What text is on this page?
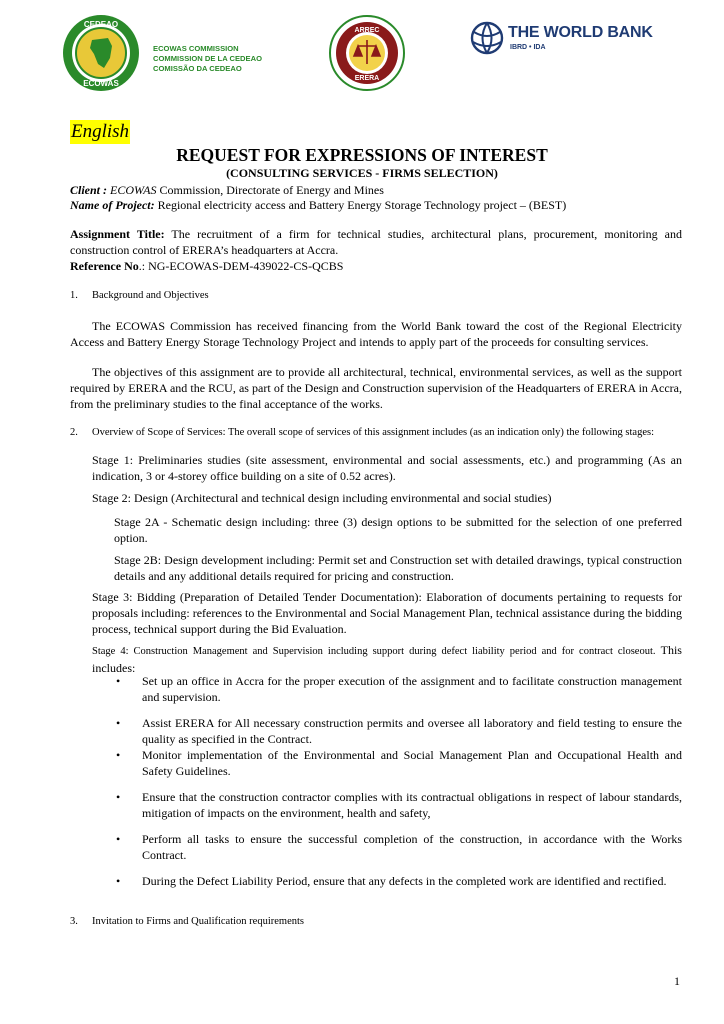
CEDEAO
ECOWAS
ECOWAS COMMISSION
COMMISSION DE LA CEDEAO
COMISSÃO DA CEDEAO
ARREC
ERERA
THE WORLD BANK
IBRD • IDA
English
REQUEST FOR EXPRESSIONS OF INTEREST
(CONSULTING SERVICES - FIRMS SELECTION)
Client : ECOWAS Commission, Directorate of Energy and Mines
Name of Project: Regional electricity access and Battery Energy Storage Technology project – (BEST)
Assignment Title: The recruitment of a firm for technical studies, architectural plans, procurement, monitoring and construction control of ERERA’s headquarters at Accra.
Reference No.: NG-ECOWAS-DEM-439022-CS-QCBS
1. Background and Objectives
The ECOWAS Commission has received financing from the World Bank toward the cost of the Regional Electricity Access and Battery Energy Storage Technology Project and intends to apply part of the proceeds for consulting services.
The objectives of this assignment are to provide all architectural, technical, environmental services, as well as the support required by ERERA and the RCU, as part of the Design and Construction supervision of the Headquarters of ERERA in Accra, from the preliminary studies to the final acceptance of the works.
2. Overview of Scope of Services: The overall scope of services of this assignment includes (as an indication only) the following stages:
Stage 1: Preliminaries studies (site assessment, environmental and social assessments, etc.) and programming (As an indication, 3 or 4-storey office building on a site of 0.52 acres).
Stage 2: Design (Architectural and technical design including environmental and social studies)
Stage 2A - Schematic design including: three (3) design options to be submitted for the selection of one preferred option.
Stage 2B: Design development including: Permit set and Construction set with detailed drawings, typical construction details and any additional details required for pricing and construction.
Stage 3: Bidding (Preparation of Detailed Tender Documentation): Elaboration of documents pertaining to requests for proposals including: references to the Environmental and Social Management Plan, technical assistance during the bidding process, technical support during the Bid Evaluation.
Stage 4: Construction Management and Supervision including support during defect liability period and for contract closeout. This includes:
• Set up an office in Accra for the proper execution of the assignment and to facilitate construction management and supervision.
• Assist ERERA for All necessary construction permits and oversee all laboratory and field testing to ensure the quality as specified in the Contract.
• Monitor implementation of the Environmental and Social Management Plan and Occupational Health and Safety Guidelines.
• Ensure that the construction contractor complies with its contractual obligations in respect of labour standards, mitigation of impacts on the environment, health and safety,
• Perform all tasks to ensure the successful completion of the construction, in accordance with the Works Contract.
• During the Defect Liability Period, ensure that any defects in the completed work are identified and rectified.
3. Invitation to Firms and Qualification requirements
1
